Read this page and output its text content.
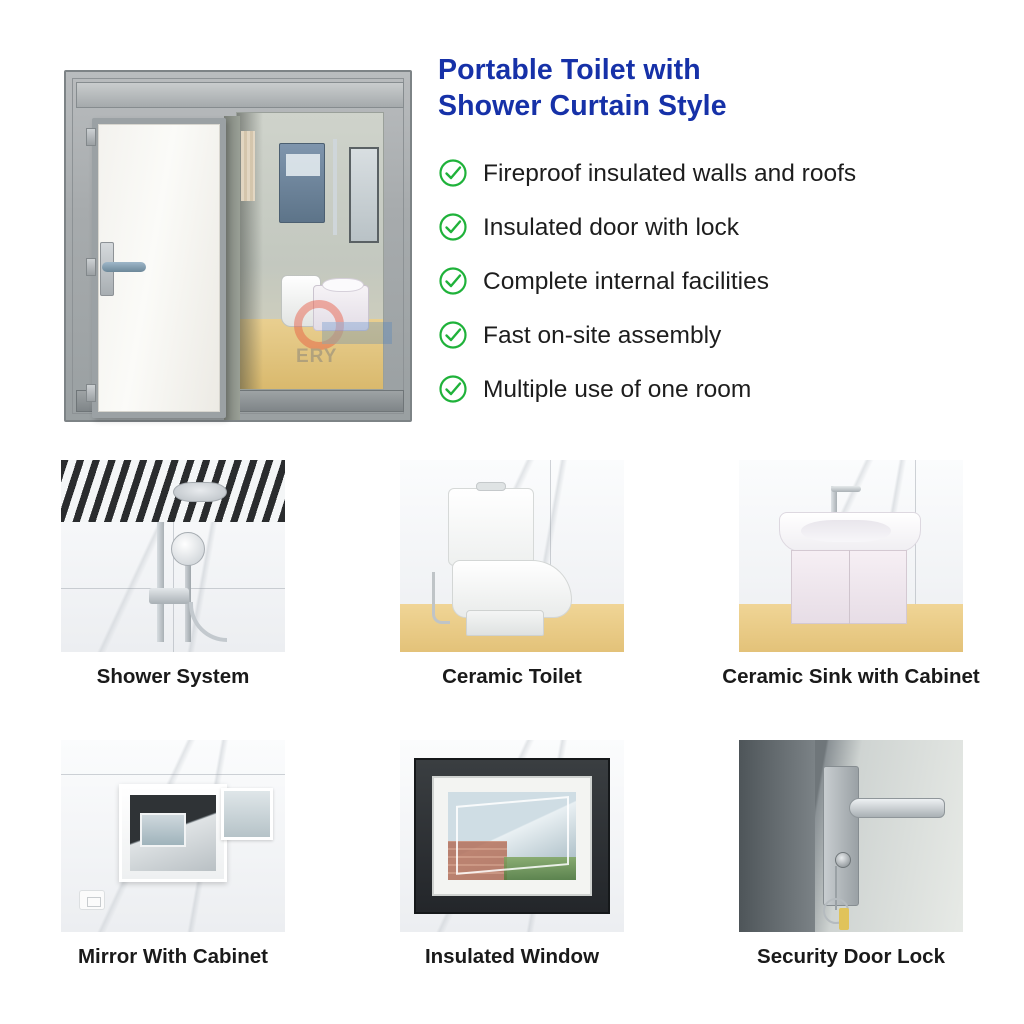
ERY
Portable Toilet with
Shower Curtain Style
Fireproof insulated walls and roofs
Insulated door with lock
Complete internal facilities
Fast on-site assembly
Multiple use of one room
Shower System	Ceramic Toilet	Ceramic Sink with Cabinet
Mirror With Cabinet	Insulated Window	Security Door Lock
